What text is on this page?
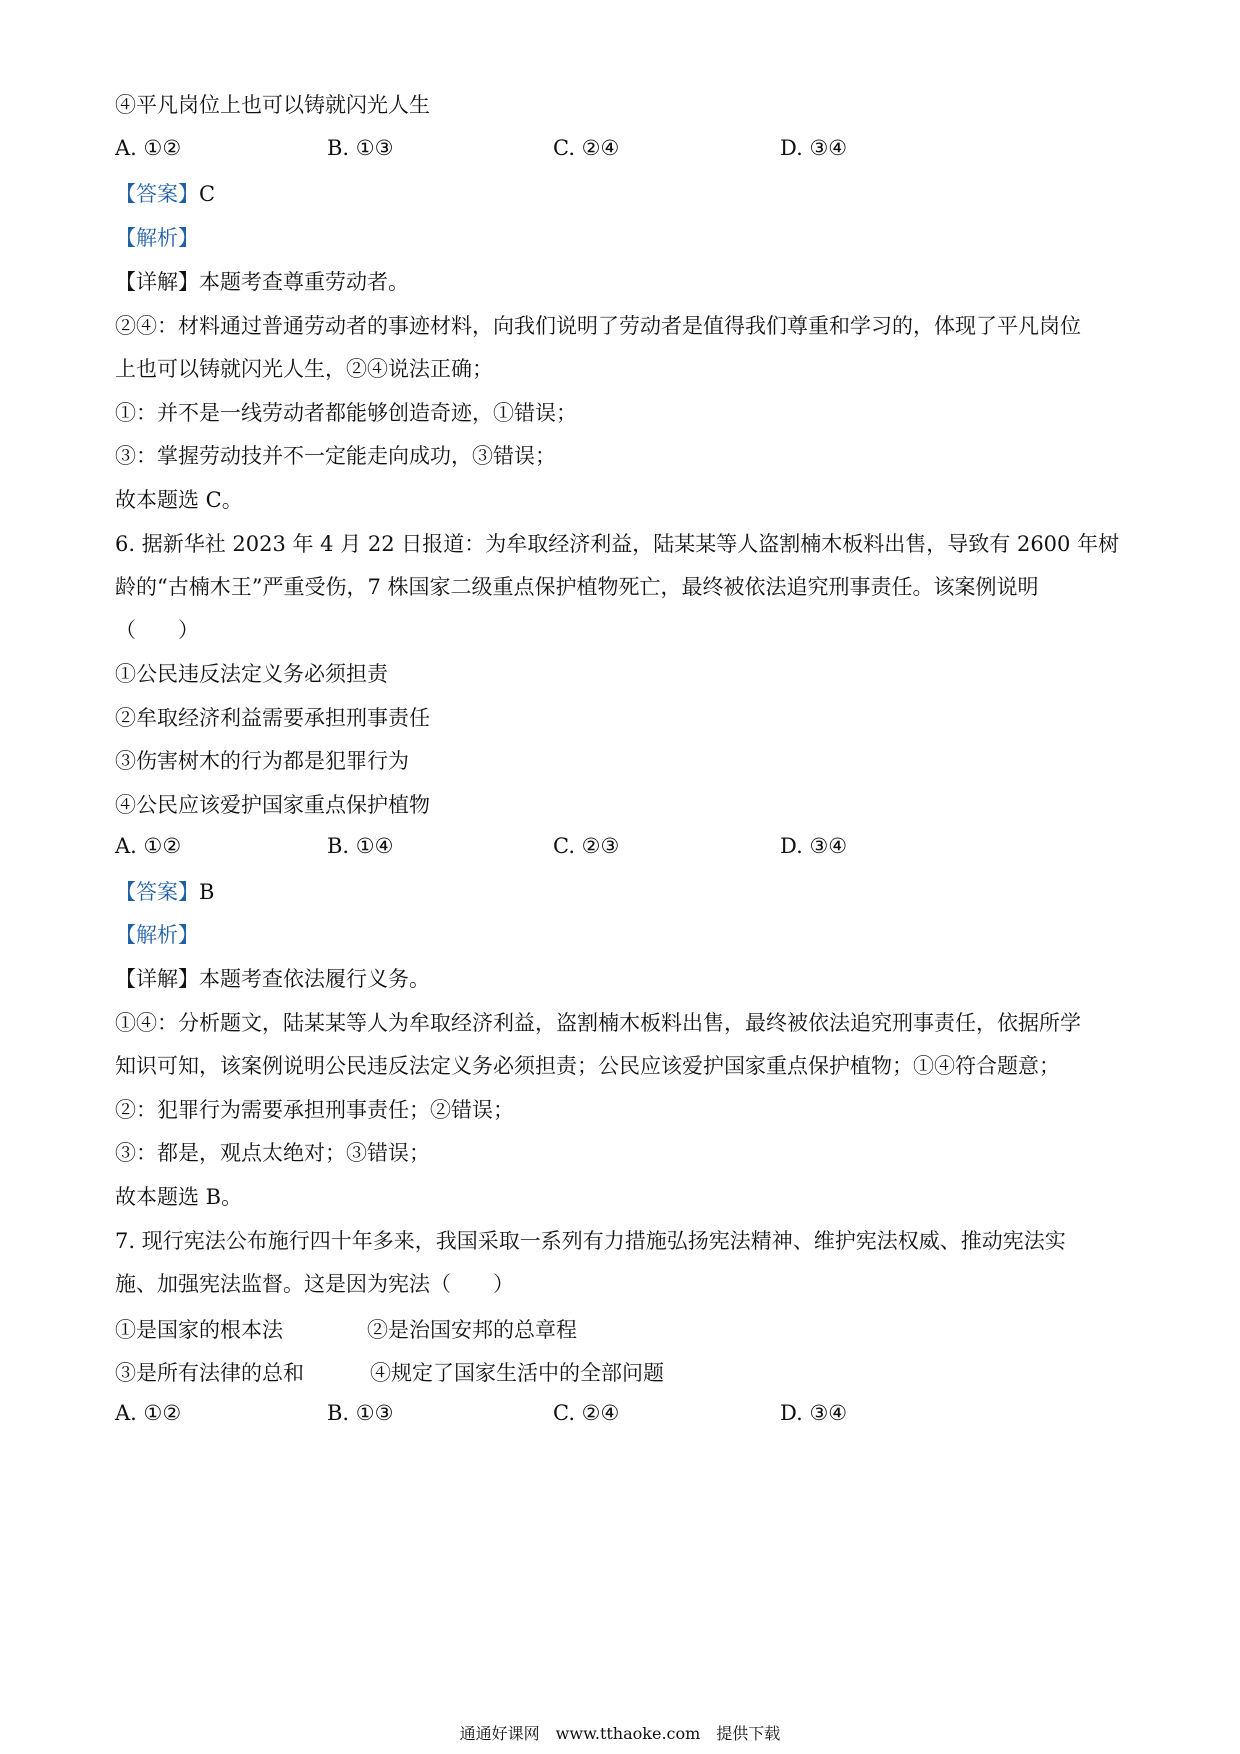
④平凡岗位上也可以铸就闪光人生
A. ①②	B. ①③	C. ②④	D. ③④
【答案】C
【解析】
【详解】本题考查尊重劳动者。
②④：材料通过普通劳动者的事迹材料，向我们说明了劳动者是值得我们尊重和学习的，体现了平凡岗位
上也可以铸就闪光人生，②④说法正确；
①：并不是一线劳动者都能够创造奇迹，①错误；
③：掌握劳动技并不一定能走向成功，③错误；
故本题选 C。
6. 据新华社 2023 年 4 月 22 日报道：为牟取经济利益，陆某某等人盗割楠木板料出售，导致有 2600 年树
龄的“古楠木王”严重受伤，7 株国家二级重点保护植物死亡，最终被依法追究刑事责任。该案例说明
（　　）
①公民违反法定义务必须担责
②牟取经济利益需要承担刑事责任
③伤害树木的行为都是犯罪行为
④公民应该爱护国家重点保护植物
A. ①②	B. ①④	C. ②③	D. ③④
【答案】B
【解析】
【详解】本题考查依法履行义务。
①④：分析题文，陆某某等人为牟取经济利益，盗割楠木板料出售，最终被依法追究刑事责任，依据所学
知识可知，该案例说明公民违反法定义务必须担责；公民应该爱护国家重点保护植物；①④符合题意；
②：犯罪行为需要承担刑事责任；②错误；
③：都是，观点太绝对；③错误；
故本题选 B。
7. 现行宪法公布施行四十年多来，我国采取一系列有力措施弘扬宪法精神、维护宪法权威、推动宪法实
施、加强宪法监督。这是因为宪法（　　）
①是国家的根本法	②是治国安邦的总章程
③是所有法律的总和	④规定了国家生活中的全部问题
A. ①②	B. ①③	C. ②④	D. ③④
通通好课网　www.tthaoke.com　提供下载
